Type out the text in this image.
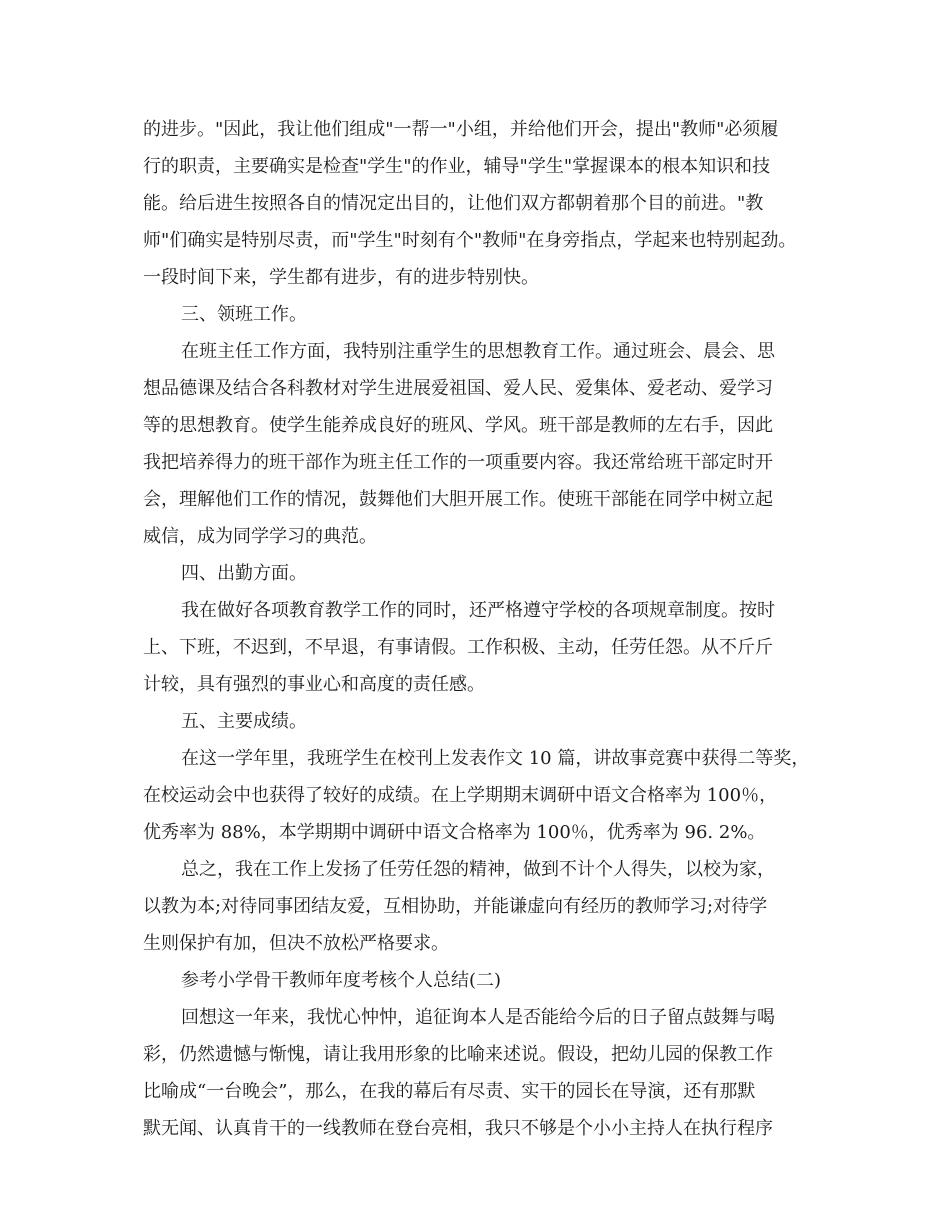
的进步。"因此，我让他们组成"一帮一"小组，并给他们开会，提出"教师"必须履

行的职责，主要确实是检查"学生"的作业，辅导"学生"掌握课本的根本知识和技

能。给后进生按照各自的情况定出目的，让他们双方都朝着那个目的前进。"教

师"们确实是特别尽责，而"学生"时刻有个"教师"在身旁指点，学起来也特别起劲。

一段时间下来，学生都有进步，有的进步特别快。

三、领班工作。

在班主任工作方面，我特别注重学生的思想教育工作。通过班会、晨会、思

想品德课及结合各科教材对学生进展爱祖国、爱人民、爱集体、爱老动、爱学习

等的思想教育。使学生能养成良好的班风、学风。班干部是教师的左右手，因此

我把培养得力的班干部作为班主任工作的一项重要内容。我还常给班干部定时开

会，理解他们工作的情况，鼓舞他们大胆开展工作。使班干部能在同学中树立起

威信，成为同学学习的典范。

四、出勤方面。

我在做好各项教育教学工作的同时，还严格遵守学校的各项规章制度。按时

上、下班，不迟到，不早退，有事请假。工作积极、主动，任劳任怨。从不斤斤

计较，具有强烈的事业心和高度的责任感。

五、主要成绩。

在这一学年里，我班学生在校刊上发表作文 10 篇，讲故事竞赛中获得二等奖，

在校运动会中也获得了较好的成绩。在上学期期末调研中语文合格率为 100％，

优秀率为 88%，本学期期中调研中语文合格率为 100％，优秀率为 96. 2%。

总之，我在工作上发扬了任劳任怨的精神，做到不计个人得失，以校为家，

以教为本;对待同事团结友爱，互相协助，并能谦虚向有经历的教师学习;对待学

生则保护有加，但决不放松严格要求。

参考小学骨干教师年度考核个人总结(二)

回想这一年来，我忧心忡忡，追征询本人是否能给今后的日子留点鼓舞与喝

彩，仍然遗憾与惭愧，请让我用形象的比喻来述说。假设，把幼儿园的保教工作

比喻成“一台晚会”，那么，在我的幕后有尽责、实干的园长在导演，还有那默

默无闻、认真肯干的一线教师在登台亮相，我只不够是个小小主持人在执行程序
